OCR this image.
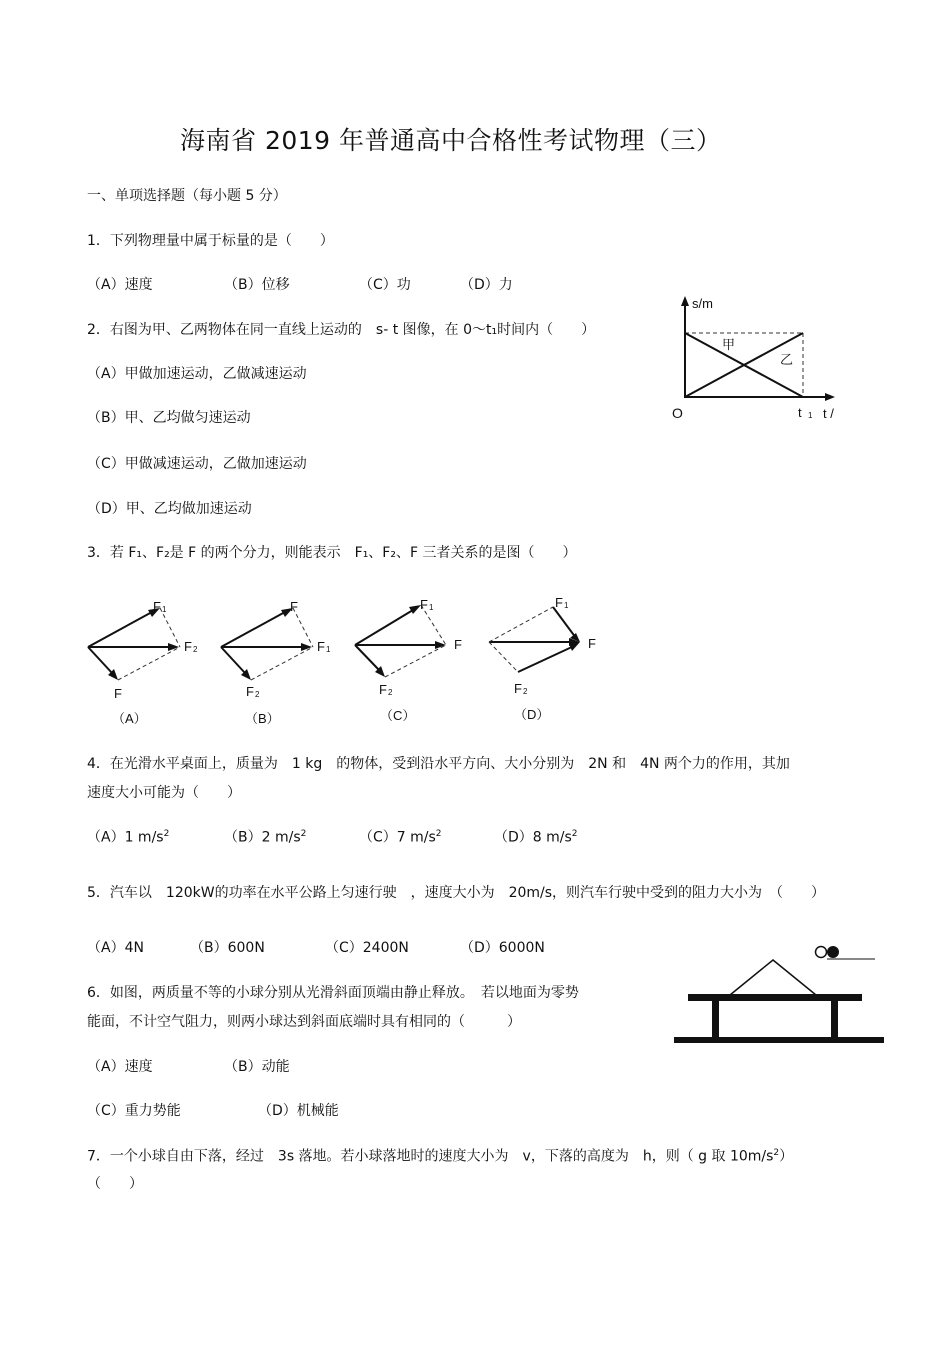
海南省 2019 年普通高中合格性考试物理（三）
一、单项选择题（每小题 5 分）
1．下列物理量中属于标量的是（　　）
（A）速度	（B）位移	（C）功	（D）力
2．右图为甲、乙两物体在同一直线上运动的　s- t 图像，在 0～t₁时间内（　　）
（A）甲做加速运动，乙做减速运动
（B）甲、乙均做匀速运动
（C）甲做减速运动，乙做加速运动
（D）甲、乙均做加速运动
s/m
甲
乙
O	t 1 t /
3．若 F₁、F₂是 F 的两个分力，则能表示　F₁、F₂、F 三者关系的是图（　　）
F 1
F 2
F
（A）
F
F 1
F 2
（B）
F 1
F
F 2
（C）
F 1
F
F 2
（D）
4．在光滑水平桌面上，质量为　1 kg　的物体，受到沿水平方向、大小分别为　2N 和　4N 两个力的作用，其加
速度大小可能为（　　）
（A）1 $m/s^2$	（B）2 $m/s^2$	（C）7 $m/s^2$	（D）8 $m/s^2$
5．汽车以　120kW的功率在水平公路上匀速行驶　，速度大小为　20m/s，则汽车行驶中受到的阻力大小为　（　　）
（A）4N	（B）600N	（C）2400N	（D）6000N
6．如图，两质量不等的小球分别从光滑斜面顶端由静止释放。　若以地面为零势
能面，不计空气阻力，则两小球达到斜面底端时具有相同的（　　　）
（A）速度	（B）动能
（C）重力势能	（D）机械能
7．一个小球自由下落，经过　3s 落地。若小球落地时的速度大小为　v，下落的高度为　h，则（ g 取 $10m/s^2$）
（　　）
